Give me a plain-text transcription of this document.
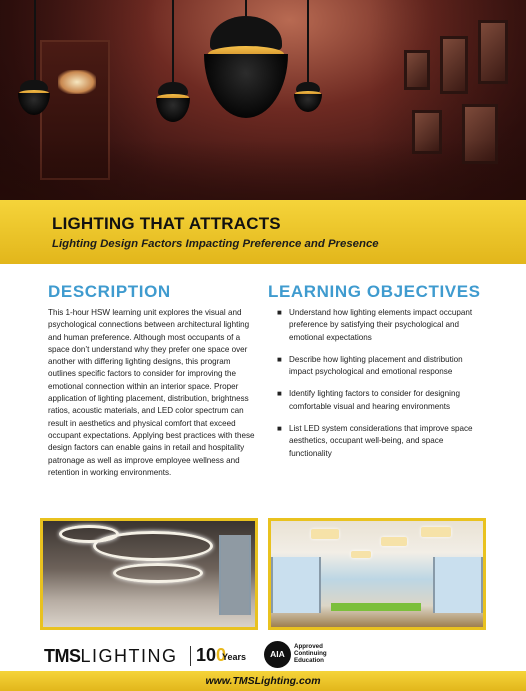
LIGHTING THAT ATTRACTS
Lighting Design Factors Impacting Preference and Presence
DESCRIPTION

This 1-hour HSW learning unit explores the visual and psychological connections between architectural lighting and human preference. Although most occupants of a space don’t understand why they prefer one space over another with differing lighting designs, this program outlines specific factors to consider for improving the emotional connection within an interior space. Proper application of lighting placement, distribution, brightness ratios, acoustic materials, and LED color spectrum can result in aesthetics and physical comfort that exceed occupant expectations. Applying best practices with these design factors can enable gains in retail and hospitality patronage as well as improve employee wellness and retention in working environments.

LEARNING OBJECTIVES
■ Understand how lighting elements impact occupant preference by satisfying their psychological and emotional expectations
■ Describe how lighting placement and distribution impact psychological and emotional response
■ Identify lighting factors to consider for designing comfortable visual and hearing environments
■ List LED system considerations that improve space aesthetics, occupant well-being, and space functionality
TMSLIGHTING 100
Years	AIA
Approved
Continuing
Education
www.TMSLighting.com
